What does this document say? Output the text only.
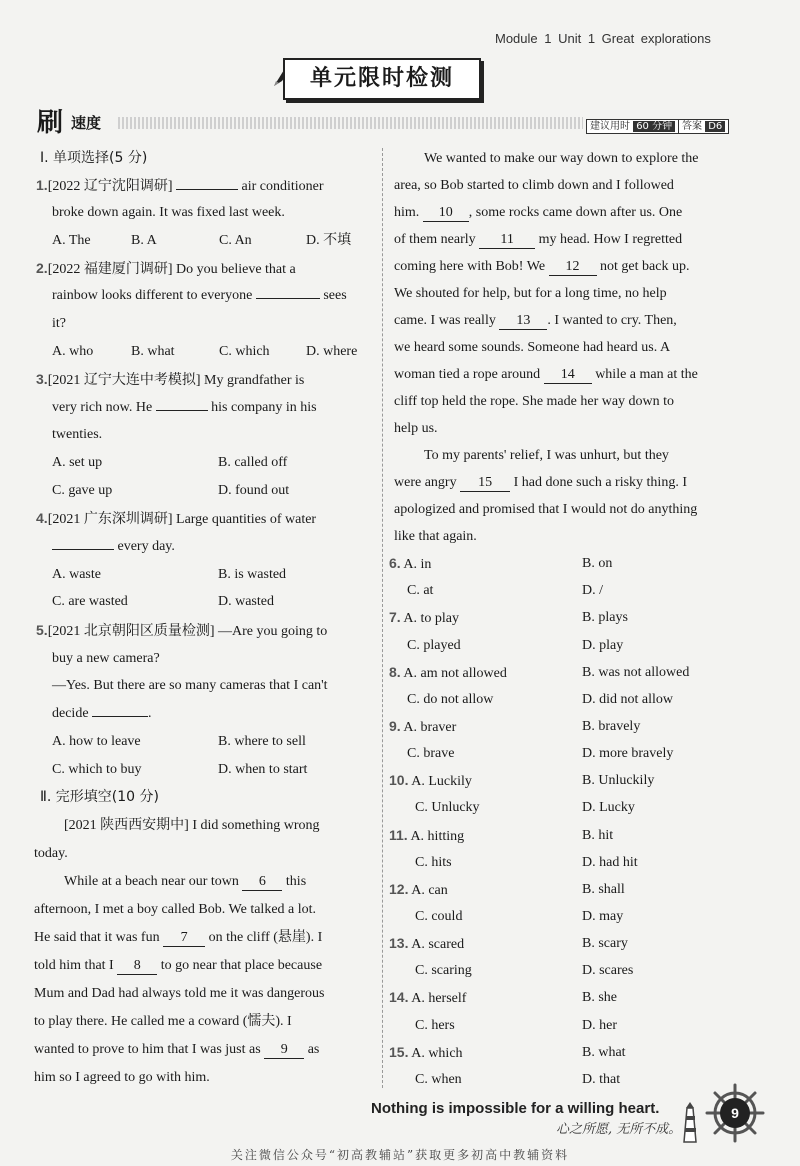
Module 1 Unit 1 Great explorations
单元限时检测
刷 速度	建议用时 60 分钟 答案 D6
Ⅰ. 单项选择(5 分)
1.[2022 辽宁沈阳调研]	air conditioner
broke down again. It was fixed last week.
A. The	B. A	C. An	D. 不填
2.[2022 福建厦门调研] Do you believe that a
rainbow looks different to everyone	sees
it?
A. who	B. what	C. which	D. where
3.[2021 辽宁大连中考模拟] My grandfather is
very rich now. He	his company in his
twenties.
A. set up	B. called off
C. gave up	D. found out
4.[2021 广东深圳调研] Large quantities of water
every day.
A. waste	B. is wasted
C. are wasted	D. wasted
5.[2021 北京朝阳区质量检测] —Are you going to
buy a new camera?
—Yes. But there are so many cameras that I can't
decide	.
A. how to leave	B. where to sell
C. which to buy	D. when to start
Ⅱ. 完形填空(10 分)
[2021 陕西西安期中] I did something wrong
today.
While at a beach near our town 6 this
afternoon, I met a boy called Bob. We talked a lot.
He said that it was fun 7 on the cliff (悬崖). I
told him that I 8 to go near that place because
Mum and Dad had always told me it was dangerous
to play there. He called me a coward (懦夫). I
wanted to prove to him that I was just as 9 as
him so I agreed to go with him.
We wanted to make our way down to explore the
area, so Bob started to climb down and I followed
him. 10 , some rocks came down after us. One
of them nearly 11 my head. How I regretted
coming here with Bob! We 12 not get back up.
We shouted for help, but for a long time, no help
came. I was really 13 . I wanted to cry. Then,
we heard some sounds. Someone had heard us. A
woman tied a rope around 14 while a man at the
cliff top held the rope. She made her way down to
help us.
To my parents' relief, I was unhurt, but they
were angry 15 I had done such a risky thing. I
apologized and promised that I would not do anything
like that again.
6. A. in	B. on
C. at	D. /
7. A. to play	B. plays
C. played	D. play
8. A. am not allowed	B. was not allowed
C. do not allow	D. did not allow
9. A. braver	B. bravely
C. brave	D. more bravely
10. A. Luckily	B. Unluckily
C. Unlucky	D. Lucky
11. A. hitting	B. hit
C. hits	D. had hit
12. A. can	B. shall
C. could	D. may
13. A. scared	B. scary
C. scaring	D. scares
14. A. herself	B. she
C. hers	D. her
15. A. which	B. what
C. when	D. that
Nothing is impossible for a willing heart.
心之所愿, 无所不成。
9
关注微信公众号“初高教辅站”获取更多初高中教辅资料
